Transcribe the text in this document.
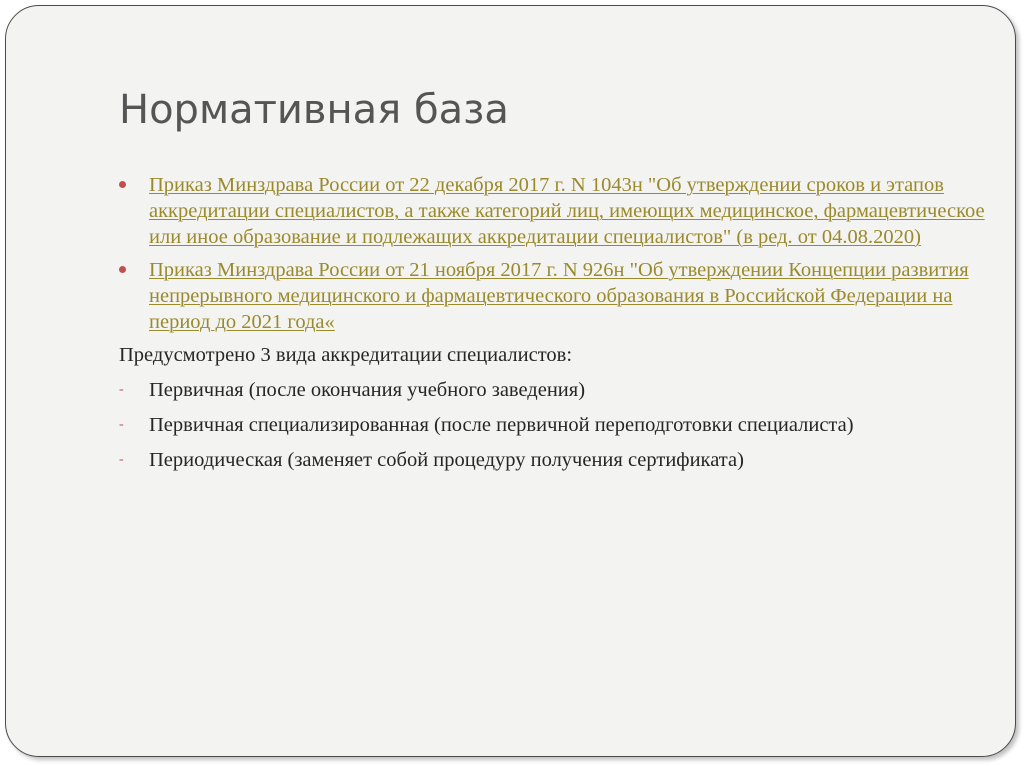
Нормативная база
Приказ Минздрава России от 22 декабря 2017 г. N 1043н "Об утверждении сроков и этапов аккредитации специалистов, а также категорий лиц, имеющих медицинское, фармацевтическое или иное образование и подлежащих аккредитации специалистов" (в ред. от 04.08.2020)
Приказ Минздрава России от 21 ноября 2017 г. N 926н "Об утверждении Концепции развития непрерывного медицинского и фармацевтического образования в Российской Федерации на период до 2021 года«

Предусмотрено 3 вида аккредитации специалистов:

- Первичная (после окончания учебного заведения)
- Первичная специализированная (после первичной переподготовки специалиста)
- Периодическая (заменяет собой процедуру получения сертификата)
